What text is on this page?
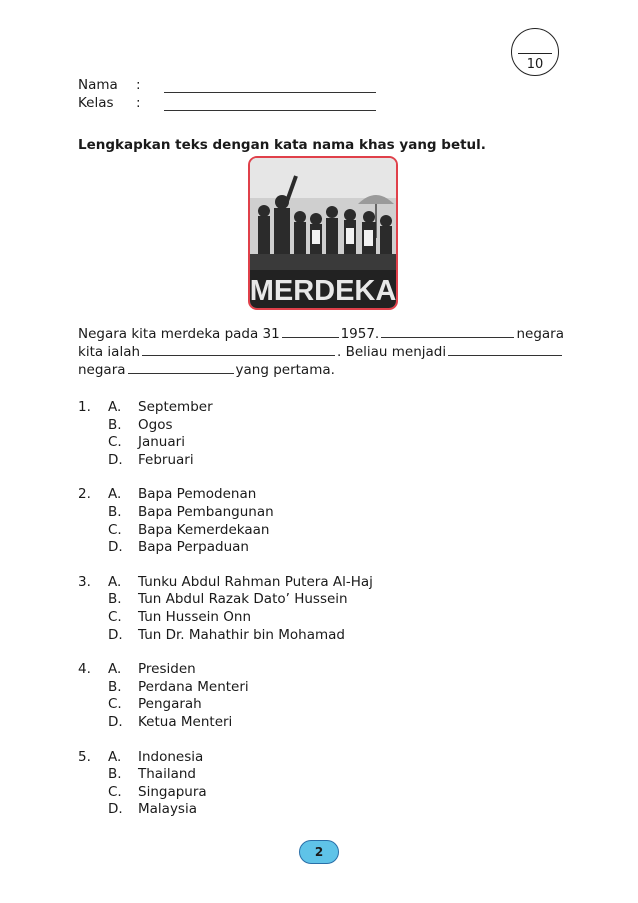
10
Nama	:
Kelas	:
Lengkapkan teks dengan kata nama khas yang betul.
MERDEKA
Negara kita merdeka pada 31	1957.	negara
kita ialah	. Beliau menjadi
negara	yang pertama.
1.	A.	September
B.	Ogos
C.	Januari
D.	Februari
2.	A.	Bapa Pemodenan
B.	Bapa Pembangunan
C.	Bapa Kemerdekaan
D.	Bapa Perpaduan
3.	A.	Tunku Abdul Rahman Putera Al-Haj
B.	Tun Abdul Razak Dato’ Hussein
C.	Tun Hussein Onn
D.	Tun Dr. Mahathir bin Mohamad
4.	A.	Presiden
B.	Perdana Menteri
C.	Pengarah
D.	Ketua Menteri
5.	A.	Indonesia
B.	Thailand
C.	Singapura
D.	Malaysia
2
